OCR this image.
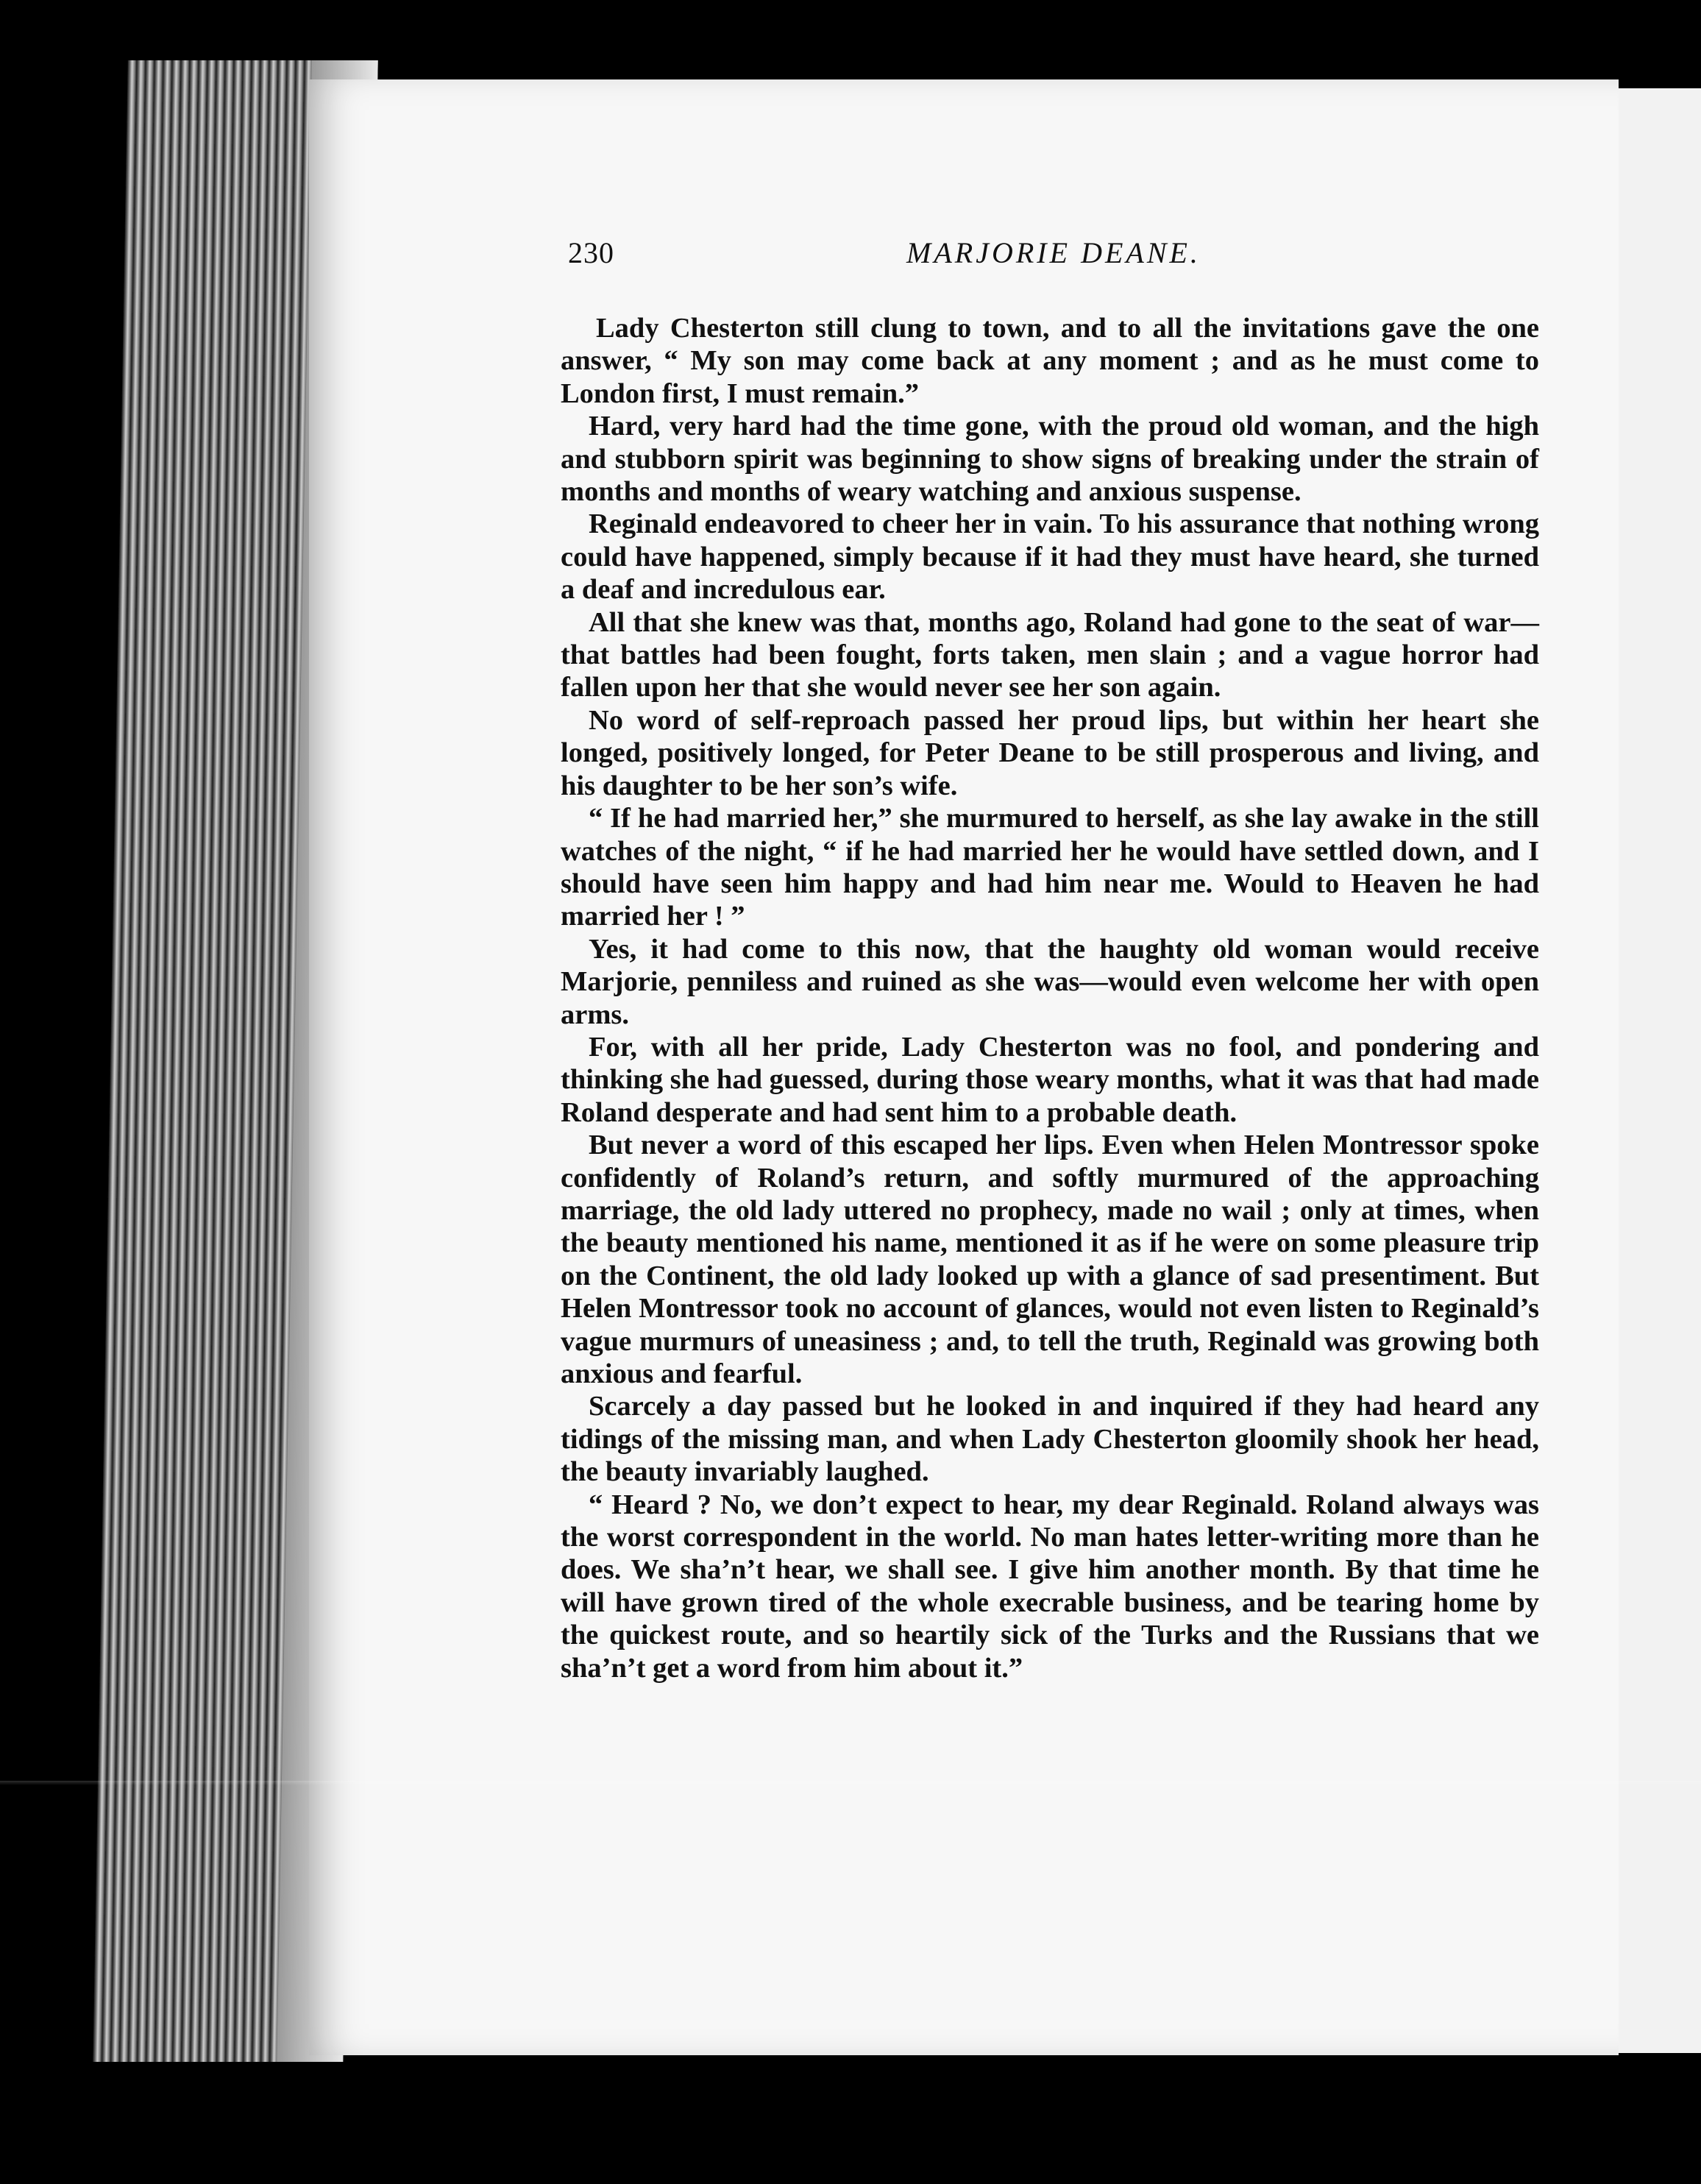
230	MARJORIE DEANE.

Lady Chesterton still clung to town, and to all the invitations gave the one answer, “ My son may come back at any moment ; and as he must come to London first, I must remain.”

Hard, very hard had the time gone, with the proud old woman, and the high and stubborn spirit was beginning to show signs of breaking under the strain of months and months of weary watching and anxious suspense.

Reginald endeavored to cheer her in vain. To his assurance that nothing wrong could have happened, simply because if it had they must have heard, she turned a deaf and incredulous ear.

All that she knew was that, months ago, Roland had gone to the seat of war—that battles had been fought, forts taken, men slain ; and a vague horror had fallen upon her that she would never see her son again.

No word of self-reproach passed her proud lips, but within her heart she longed, positively longed, for Peter Deane to be still prosperous and living, and his daughter to be her son’s wife.

“ If he had married her,” she murmured to herself, as she lay awake in the still watches of the night, “ if he had married her he would have settled down, and I should have seen him happy and had him near me. Would to Heaven he had married her ! ”

Yes, it had come to this now, that the haughty old woman would receive Marjorie, penniless and ruined as she was—would even welcome her with open arms.

For, with all her pride, Lady Chesterton was no fool, and pondering and thinking she had guessed, during those weary months, what it was that had made Roland desperate and had sent him to a probable death.

But never a word of this escaped her lips. Even when Helen Montressor spoke confidently of Roland’s return, and softly murmured of the approaching marriage, the old lady uttered no prophecy, made no wail ; only at times, when the beauty mentioned his name, mentioned it as if he were on some pleasure trip on the Continent, the old lady looked up with a glance of sad presentiment. But Helen Montressor took no account of glances, would not even listen to Reginald’s vague murmurs of uneasiness ; and, to tell the truth, Reginald was growing both anxious and fearful.

Scarcely a day passed but he looked in and inquired if they had heard any tidings of the missing man, and when Lady Chesterton gloomily shook her head, the beauty invariably laughed.

“ Heard ? No, we don’t expect to hear, my dear Reginald. Roland always was the worst correspondent in the world. No man hates letter-writing more than he does. We sha’n’t hear, we shall see. I give him another month. By that time he will have grown tired of the whole execrable business, and be tearing home by the quickest route, and so heartily sick of the Turks and the Russians that we sha’n’t get a word from him about it.”
